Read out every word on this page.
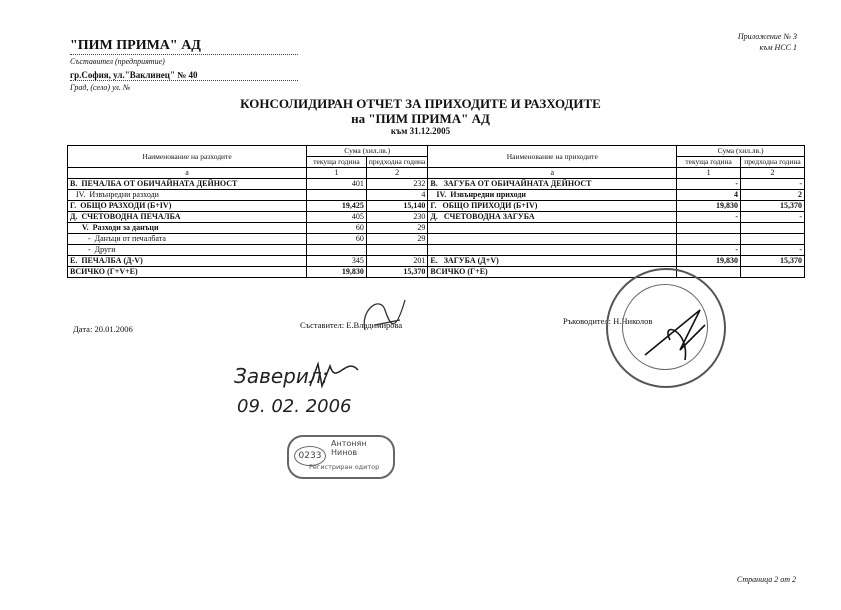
"ПИМ ПРИМА" АД
Съставител (предприятие)
гр.София, ул."Ваклинец" № 40
Град, (село) ул. №
Приложение № 3
към НСС 1
КОНСОЛИДИРАН ОТЧЕТ ЗА ПРИХОДИТЕ И РАЗХОДИТЕ
на "ПИМ ПРИМА" АД
към 31.12.2005
Наименование на разходите	Сума (хил.лв.)		Наименование на приходите	Сума (хил.лв.)	
	текуща година	предходна година		текуща година	предходна година

а	1	2	а	1	2
В.  ПЕЧАЛБА ОТ ОБИЧАЙНАТА ДЕЙНОСТ	401	232	В.   ЗАГУБА ОТ ОБИЧАЙНАТА ДЕЙНОСТ	-	-
IV.  Извънредни разходи		4	IV.  Извънредни приходи	4	2
Г.  ОБЩО РАЗХОДИ (Б+IV)	19,425	15,140	Г.   ОБЩО ПРИХОДИ (Б+IV)	19,830	15,370
Д.  СЧЕТОВОДНА ПЕЧАЛБА	405	230	Д.   СЧЕТОВОДНА ЗАГУБА	-	-
V.  Разходи за данъци	60	29			
-  Данъци от печалбата	60	29			
-  Други				-	-
Е.  ПЕЧАЛБА (Д-V)	345	201	Е.   ЗАГУБА (Д+V)	19,830	15,370
ВСИЧКО (Г+V+Е)	19,830	15,370	ВСИЧКО (Г+Е)		
Дата: 20.01.2006	Съставител: Е.Владимирова	Ръководител: Н.Николов
Заверил:
09. 02. 2006
0233
Антонян
Нинов
Регистриран одитор
Страница 2 от 2
